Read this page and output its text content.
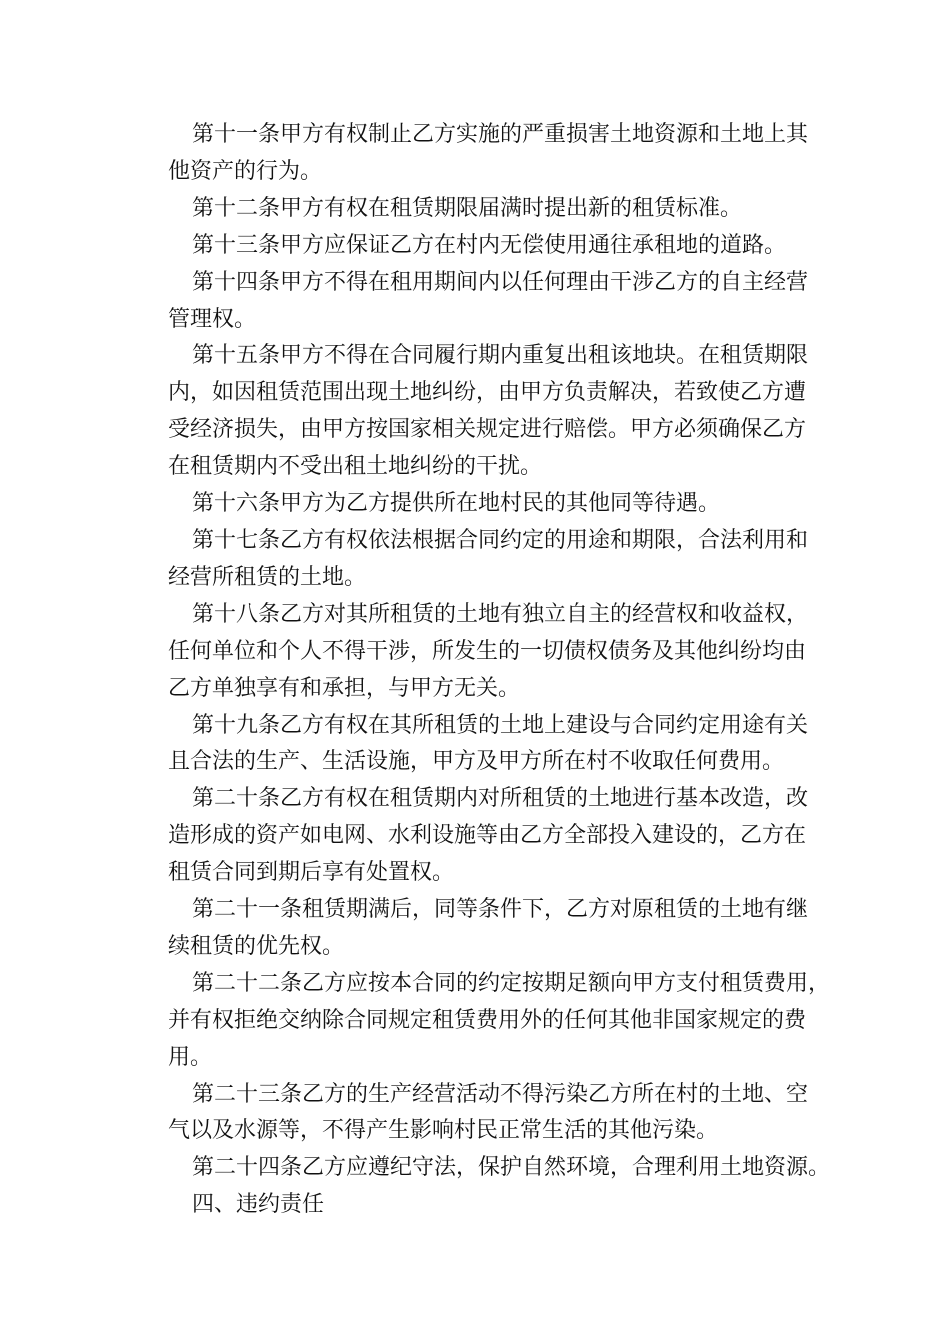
第十一条甲方有权制止乙方实施的严重损害土地资源和土地上其
他资产的行为。

第十二条甲方有权在租赁期限届满时提出新的租赁标准。

第十三条甲方应保证乙方在村内无偿使用通往承租地的道路。

第十四条甲方不得在租用期间内以任何理由干涉乙方的自主经营
管理权。

第十五条甲方不得在合同履行期内重复出租该地块。在租赁期限
内，如因租赁范围出现土地纠纷，由甲方负责解决，若致使乙方遭
受经济损失，由甲方按国家相关规定进行赔偿。甲方必须确保乙方
在租赁期内不受出租土地纠纷的干扰。

第十六条甲方为乙方提供所在地村民的其他同等待遇。

第十七条乙方有权依法根据合同约定的用途和期限，合法利用和
经营所租赁的土地。

第十八条乙方对其所租赁的土地有独立自主的经营权和收益权，
任何单位和个人不得干涉，所发生的一切债权债务及其他纠纷均由
乙方单独享有和承担，与甲方无关。

第十九条乙方有权在其所租赁的土地上建设与合同约定用途有关
且合法的生产、生活设施，甲方及甲方所在村不收取任何费用。

第二十条乙方有权在租赁期内对所租赁的土地进行基本改造，改
造形成的资产如电网、水利设施等由乙方全部投入建设的，乙方在
租赁合同到期后享有处置权。

第二十一条租赁期满后，同等条件下，乙方对原租赁的土地有继
续租赁的优先权。

第二十二条乙方应按本合同的约定按期足额向甲方支付租赁费用，
并有权拒绝交纳除合同规定租赁费用外的任何其他非国家规定的费
用。

第二十三条乙方的生产经营活动不得污染乙方所在村的土地、空
气以及水源等，不得产生影响村民正常生活的其他污染。

第二十四条乙方应遵纪守法，保护自然环境，合理利用土地资源。

四、违约责任
